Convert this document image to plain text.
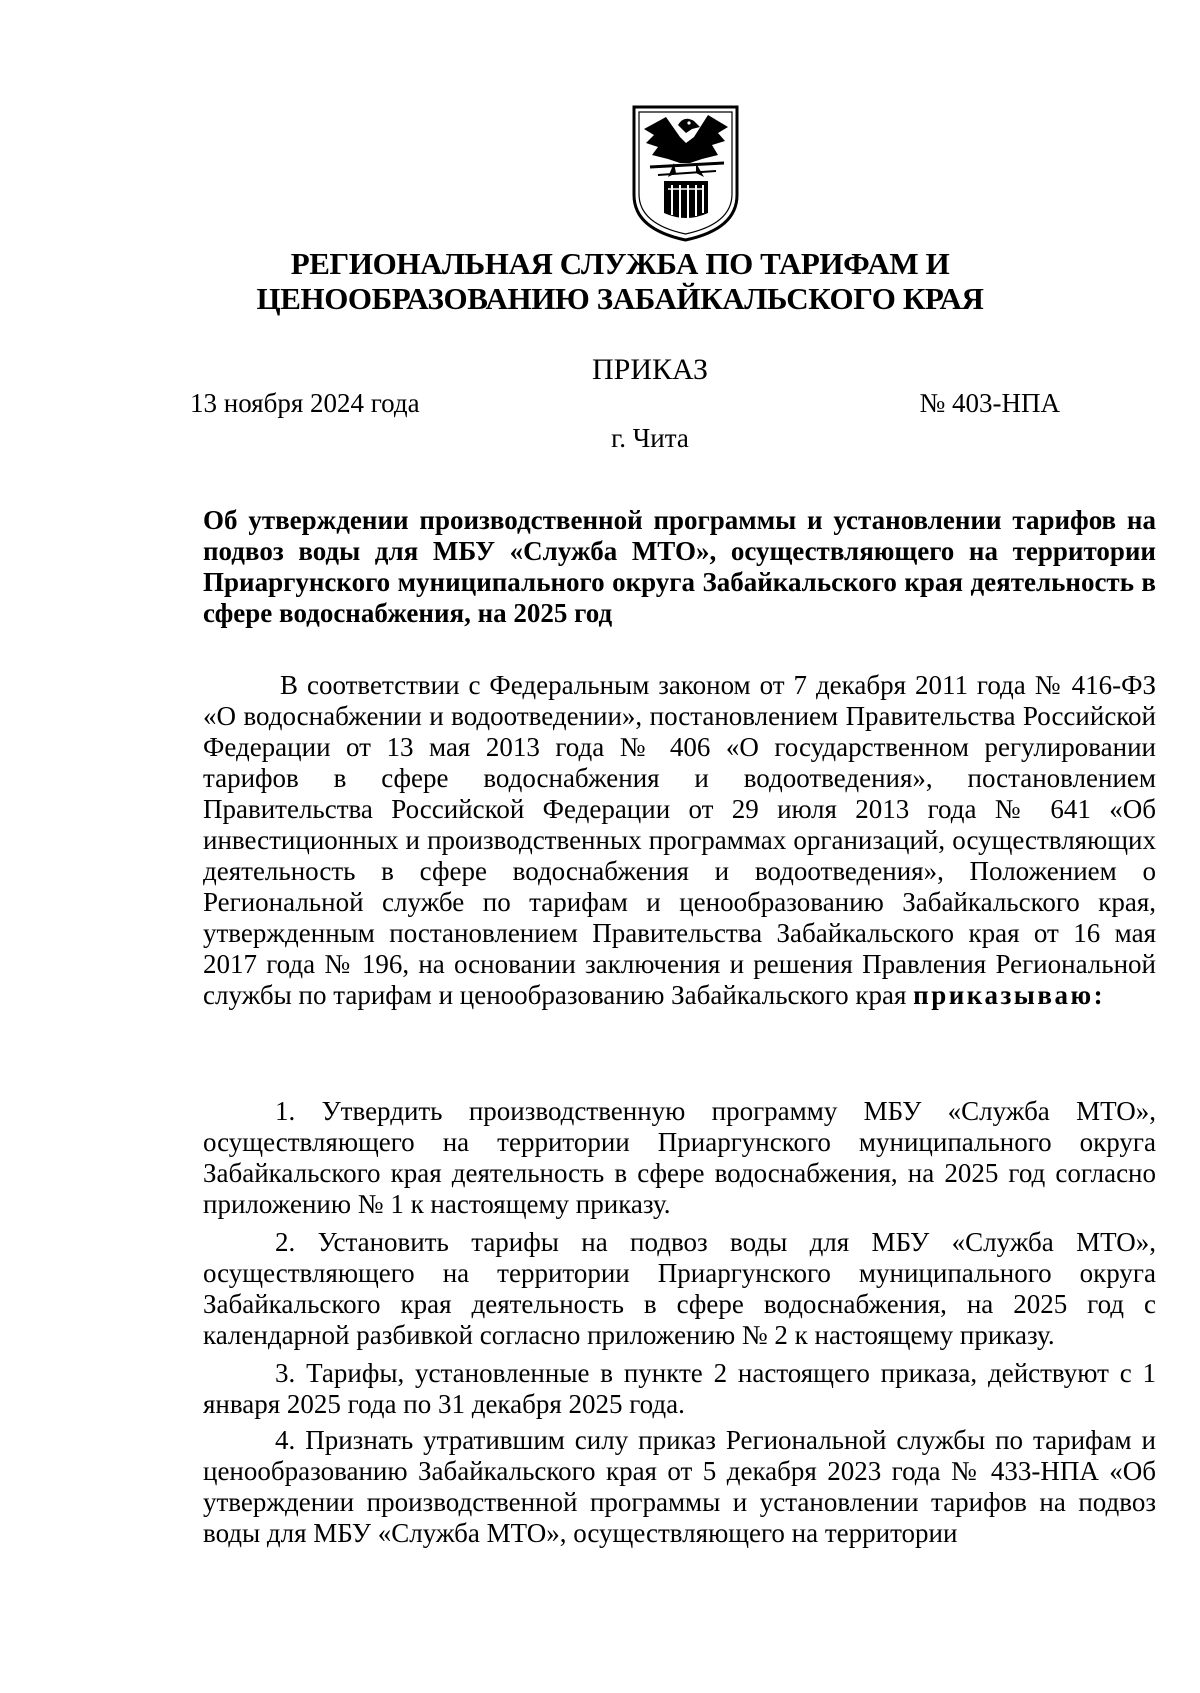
РЕГИОНАЛЬНАЯ СЛУЖБА ПО ТАРИФАМ И
ЦЕНООБРАЗОВАНИЮ ЗАБАЙКАЛЬСКОГО КРАЯ
ПРИКАЗ
13 ноября 2024 года	№ 403-НПА
г. Чита
Об утверждении производственной программы и установлении тарифов на подвоз воды для МБУ «Служба МТО», осуществляющего на территории Приаргунского муниципального округа Забайкальского края деятельность в сфере водоснабжения, на 2025 год
В соответствии с Федеральным законом от 7 декабря 2011 года № 416-ФЗ «О водоснабжении и водоотведении», постановлением Правительства Российской Федерации от 13 мая 2013 года № 406 «О государственном регулировании тарифов в сфере водоснабжения и водоотведения», постановлением Правительства Российской Федерации от 29 июля 2013 года № 641 «Об инвестиционных и производственных программах организаций, осуществляющих деятельность в сфере водоснабжения и водоотведения», Положением о Региональной службе по тарифам и ценообразованию Забайкальского края, утвержденным постановлением Правительства Забайкальского края от 16 мая 2017 года № 196, на основании заключения и решения Правления Региональной службы по тарифам и ценообразованию Забайкальского края приказываю:

1. Утвердить производственную программу МБУ «Служба МТО», осуществляющего на территории Приаргунского муниципального округа Забайкальского края деятельность в сфере водоснабжения, на 2025 год согласно приложению № 1 к настоящему приказу.

2. Установить тарифы на подвоз воды для МБУ «Служба МТО», осуществляющего на территории Приаргунского муниципального округа Забайкальского края деятельность в сфере водоснабжения, на 2025 год с календарной разбивкой согласно приложению № 2 к настоящему приказу.

3. Тарифы, установленные в пункте 2 настоящего приказа, действуют с 1 января 2025 года по 31 декабря 2025 года.

4. Признать утратившим силу приказ Региональной службы по тарифам и ценообразованию Забайкальского края от 5 декабря 2023 года № 433-НПА «Об утверждении производственной программы и установлении тарифов на подвоз воды для МБУ «Служба МТО», осуществляющего на территории
